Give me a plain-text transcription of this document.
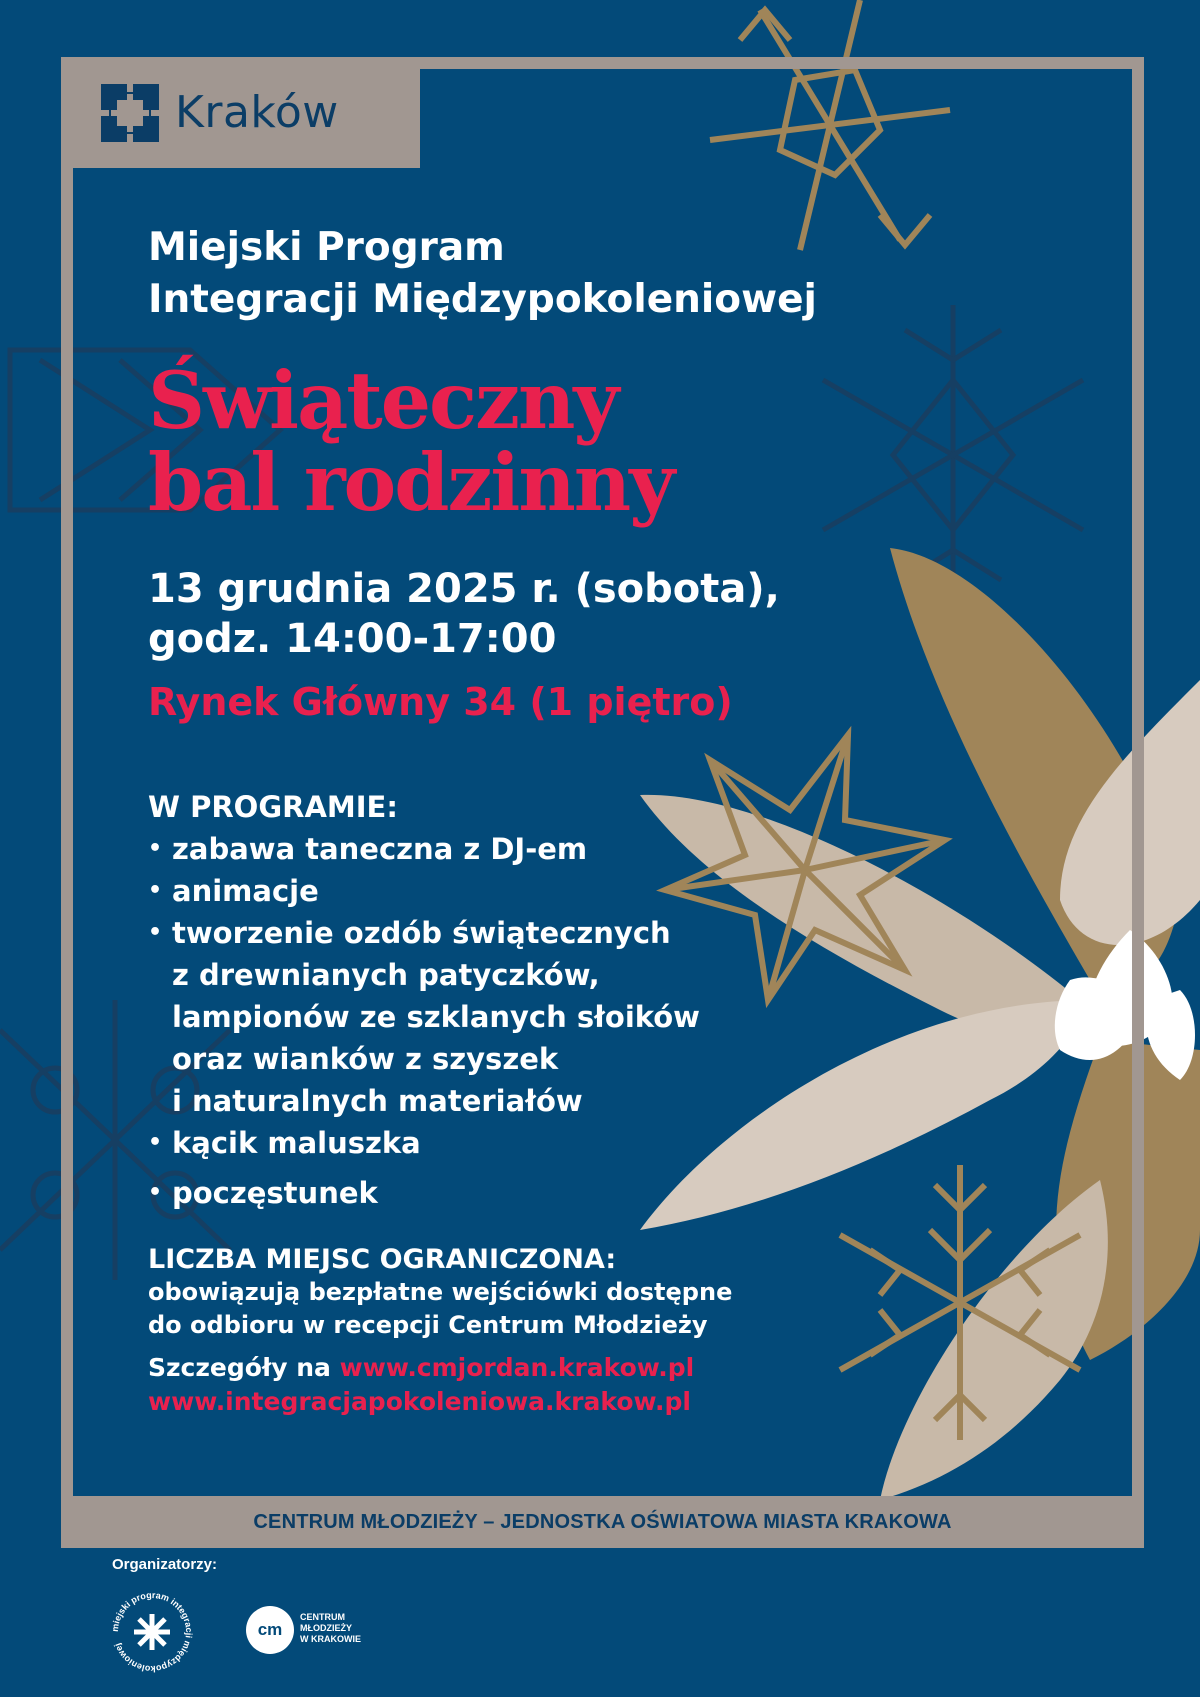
Kraków

Miejski Program

Integracji Międzypokoleniowej

Świąteczny
bal rodzinny
13 grudnia 2025 r. (sobota),
godz. 14:00-17:00
Rynek Główny 34 (1 piętro)
W PROGRAMIE:
• zabawa taneczna z DJ-em
• animacje
• tworzenie ozdób świątecznych
z drewnianych patyczków,
lampionów ze szklanych słoików
oraz wianków z szyszek
i naturalnych materiałów
• kącik maluszka
• poczęstunek
LICZBA MIEJSC OGRANICZONA:
obowiązują bezpłatne wejściówki dostępne
do odbioru w recepcji Centrum Młodzieży
Szczegóły na www.cmjordan.krakow.pl
www.integracjapokoleniowa.krakow.pl
CENTRUM MŁODZIEŻY – JEDNOSTKA OŚWIATOWA MIASTA KRAKOWA
Organizatorzy:
miejski program integracji międzypokoleniowej
cm
CENTRUM
MŁODZIEŻY
W KRAKOWIE
